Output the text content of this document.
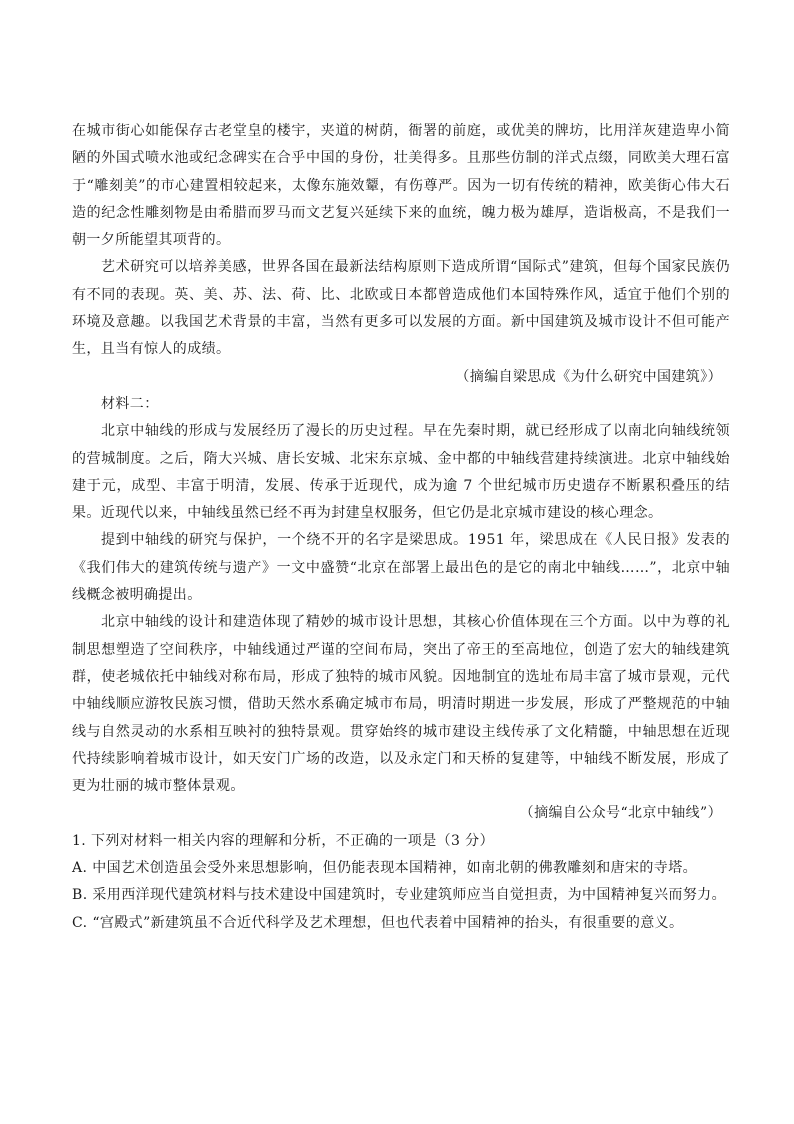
在城市街心如能保存古老堂皇的楼宇，夹道的树荫，衙署的前庭，或优美的牌坊，比用洋灰建造卑小简陋的外国式喷水池或纪念碑实在合乎中国的身份，壮美得多。且那些仿制的洋式点缀，同欧美大理石富于“雕刻美”的市心建置相较起来，太像东施效颦，有伤尊严。因为一切有传统的精神，欧美街心伟大石造的纪念性雕刻物是由希腊而罗马而文艺复兴延续下来的血统，魄力极为雄厚，造诣极高，不是我们一朝一夕所能望其项背的。

艺术研究可以培养美感，世界各国在最新法结构原则下造成所谓“国际式”建筑，但每个国家民族仍有不同的表现。英、美、苏、法、荷、比、北欧或日本都曾造成他们本国特殊作风，适宜于他们个别的环境及意趣。以我国艺术背景的丰富，当然有更多可以发展的方面。新中国建筑及城市设计不但可能产生，且当有惊人的成绩。

（摘编自梁思成《为什么研究中国建筑》）

材料二：

北京中轴线的形成与发展经历了漫长的历史过程。早在先秦时期，就已经形成了以南北向轴线统领的营城制度。之后，隋大兴城、唐长安城、北宋东京城、金中都的中轴线营建持续演进。北京中轴线始建于元，成型、丰富于明清，发展、传承于近现代，成为逾 7 个世纪城市历史遗存不断累积叠压的结果。近现代以来，中轴线虽然已经不再为封建皇权服务，但它仍是北京城市建设的核心理念。

提到中轴线的研究与保护，一个绕不开的名字是梁思成。1951 年，梁思成在《人民日报》发表的《我们伟大的建筑传统与遗产》一文中盛赞“北京在部署上最出色的是它的南北中轴线……”，北京中轴线概念被明确提出。

北京中轴线的设计和建造体现了精妙的城市设计思想，其核心价值体现在三个方面。以中为尊的礼制思想塑造了空间秩序，中轴线通过严谨的空间布局，突出了帝王的至高地位，创造了宏大的轴线建筑群，使老城依托中轴线对称布局，形成了独特的城市风貌。因地制宜的选址布局丰富了城市景观，元代中轴线顺应游牧民族习惯，借助天然水系确定城市布局，明清时期进一步发展，形成了严整规范的中轴线与自然灵动的水系相互映衬的独特景观。贯穿始终的城市建设主线传承了文化精髓，中轴思想在近现代持续影响着城市设计，如天安门广场的改造，以及永定门和天桥的复建等，中轴线不断发展，形成了更为壮丽的城市整体景观。

（摘编自公众号“北京中轴线”）

1. 下列对材料一相关内容的理解和分析，不正确的一项是（3 分）

A. 中国艺术创造虽会受外来思想影响，但仍能表现本国精神，如南北朝的佛教雕刻和唐宋的寺塔。

B. 采用西洋现代建筑材料与技术建设中国建筑时，专业建筑师应当自觉担责，为中国精神复兴而努力。

C. “宫殿式”新建筑虽不合近代科学及艺术理想，但也代表着中国精神的抬头，有很重要的意义。
